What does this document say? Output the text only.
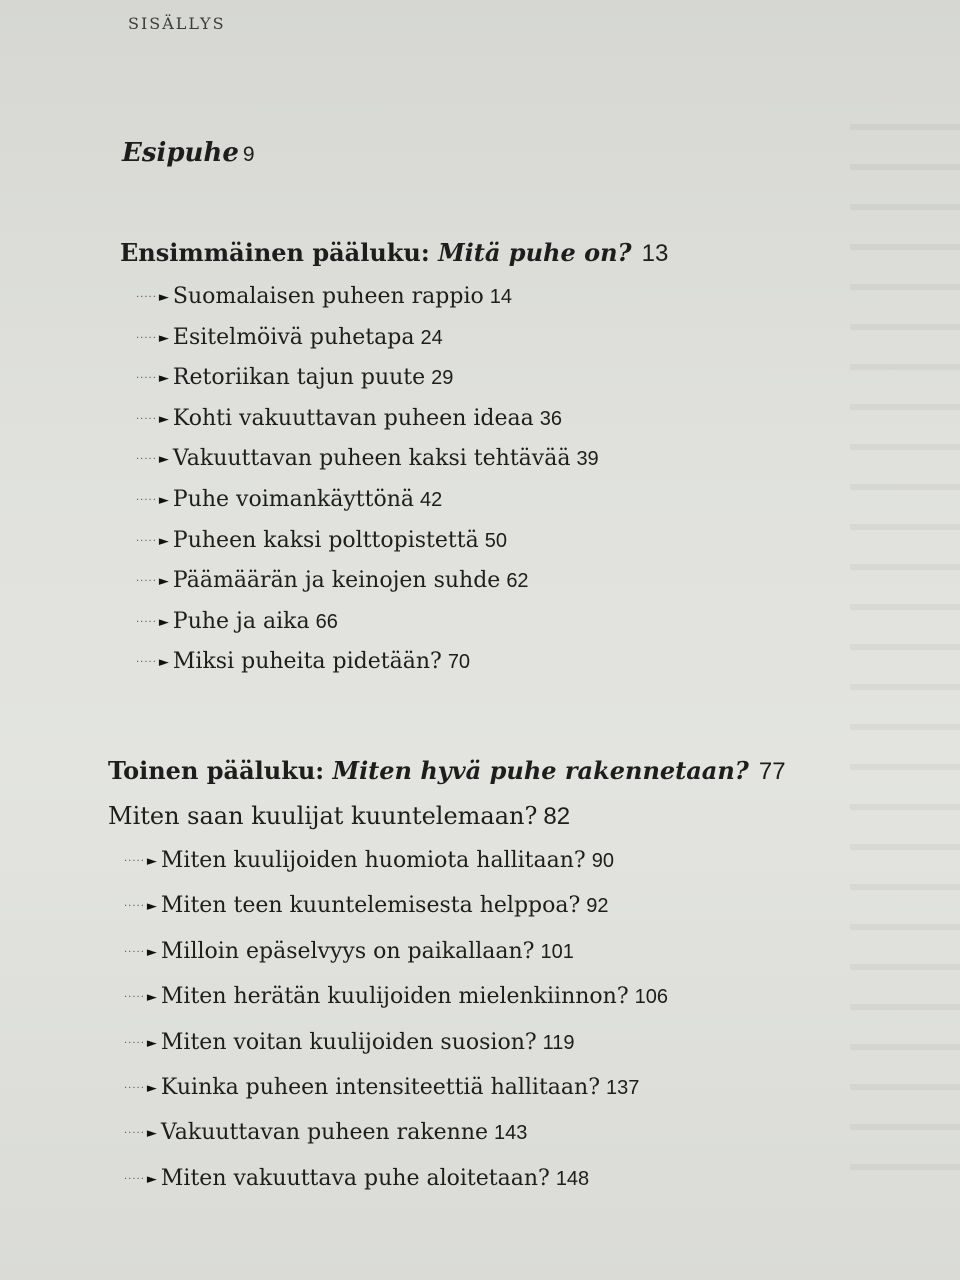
SISÄLLYS
Esipuhe 9
Ensimmäinen pääluku: Mitä puhe on? 13
····· ► Suomalaisen puheen rappio 14
····· ► Esitelmöivä puhetapa 24
····· ► Retoriikan tajun puute 29
····· ► Kohti vakuuttavan puheen ideaa 36
····· ► Vakuuttavan puheen kaksi tehtävää 39
····· ► Puhe voimankäyttönä 42
····· ► Puheen kaksi polttopistettä 50
····· ► Päämäärän ja keinojen suhde 62
····· ► Puhe ja aika 66
····· ► Miksi puheita pidetään? 70
Toinen pääluku: Miten hyvä puhe rakennetaan? 77
Miten saan kuulijat kuuntelemaan? 82
····· ► Miten kuulijoiden huomiota hallitaan? 90
····· ► Miten teen kuuntelemisesta helppoa? 92
····· ► Milloin epäselvyys on paikallaan? 101
····· ► Miten herätän kuulijoiden mielenkiinnon? 106
····· ► Miten voitan kuulijoiden suosion? 119
····· ► Kuinka puheen intensiteettiä hallitaan? 137
····· ► Vakuuttavan puheen rakenne 143
····· ► Miten vakuuttava puhe aloitetaan? 148
